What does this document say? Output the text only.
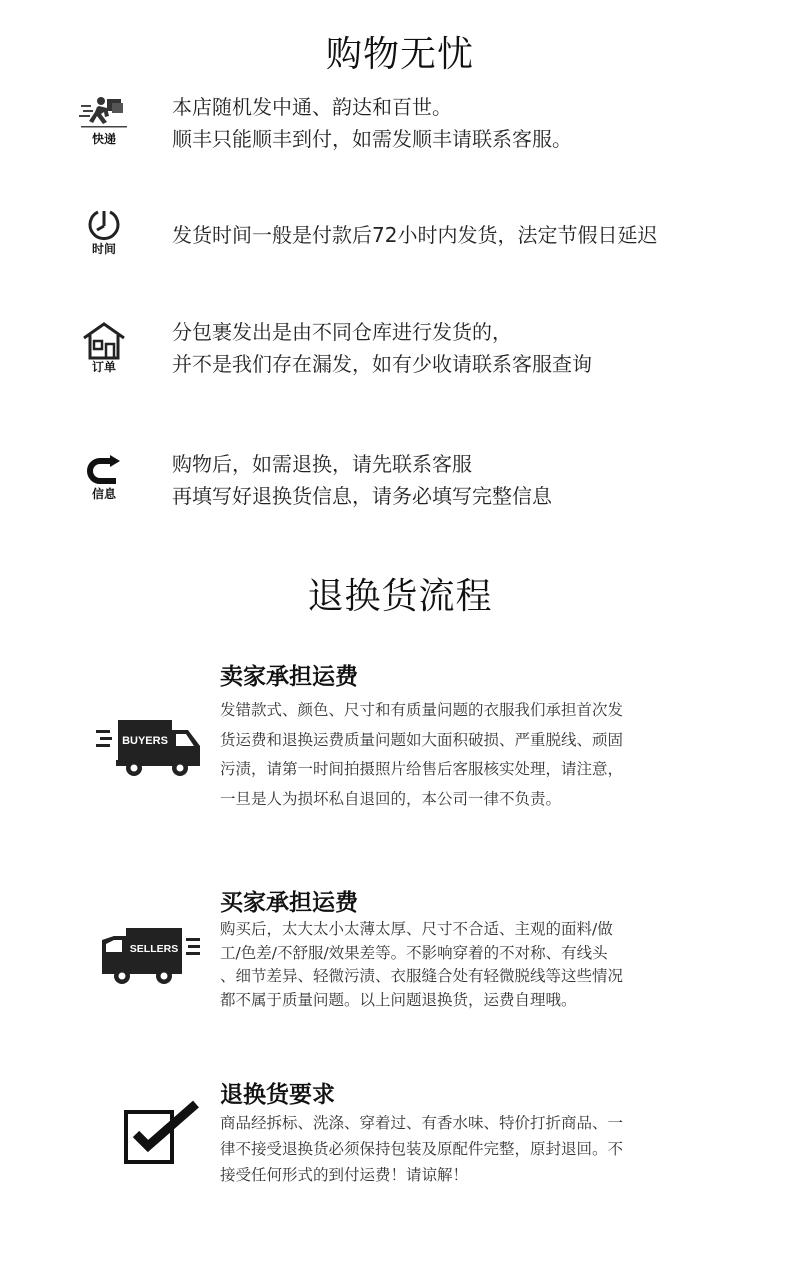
购物无忧
快递
本店随机发中通、韵达和百世。
顺丰只能顺丰到付，如需发顺丰请联系客服。
时间
发货时间一般是付款后72小时内发货，法定节假日延迟
订单
分包裹发出是由不同仓库进行发货的，
并不是我们存在漏发，如有少收请联系客服查询
信息
购物后，如需退换，请先联系客服
再填写好退换货信息，请务必填写完整信息
退换货流程
BUYERS
卖家承担运费

发错款式、颜色、尺寸和有质量问题的衣服我们承担首次发
货运费和退换运费质量问题如大面积破损、严重脱线、顽固
污渍，请第一时间拍摄照片给售后客服核实处理，请注意，
一旦是人为损坏私自退回的，本公司一律不负责。

SELLERS
买家承担运费

购买后，太大太小太薄太厚、尺寸不合适、主观的面料/做
工/色差/不舒服/效果差等。不影响穿着的不对称、有线头
、细节差异、轻微污渍、衣服缝合处有轻微脱线等这些情况
都不属于质量问题。以上问题退换货，运费自理哦。

退换货要求

商品经拆标、洗涤、穿着过、有香水味、特价打折商品、一
律不接受退换货必须保持包装及原配件完整，原封退回。不
接受任何形式的到付运费！请谅解！
